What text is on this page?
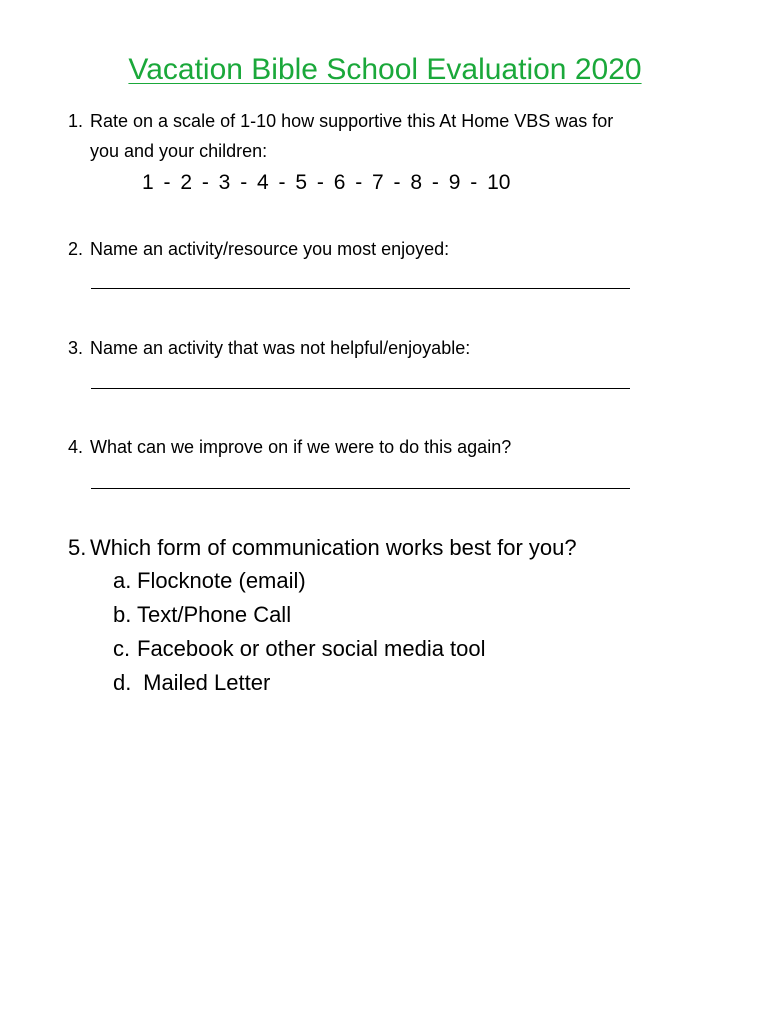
Vacation Bible School Evaluation 2020
1. Rate on a scale of 1-10 how supportive this At Home VBS was for
you and your children:
1 - 2 - 3 - 4 - 5 - 6 - 7 - 8 - 9 - 10
2. Name an activity/resource you most enjoyed:
3. Name an activity that was not helpful/enjoyable:
4. What can we improve on if we were to do this again?
5. Which form of communication works best for you?
a. Flocknote (email)
b. Text/Phone Call
c. Facebook or other social media tool
d. Mailed Letter
